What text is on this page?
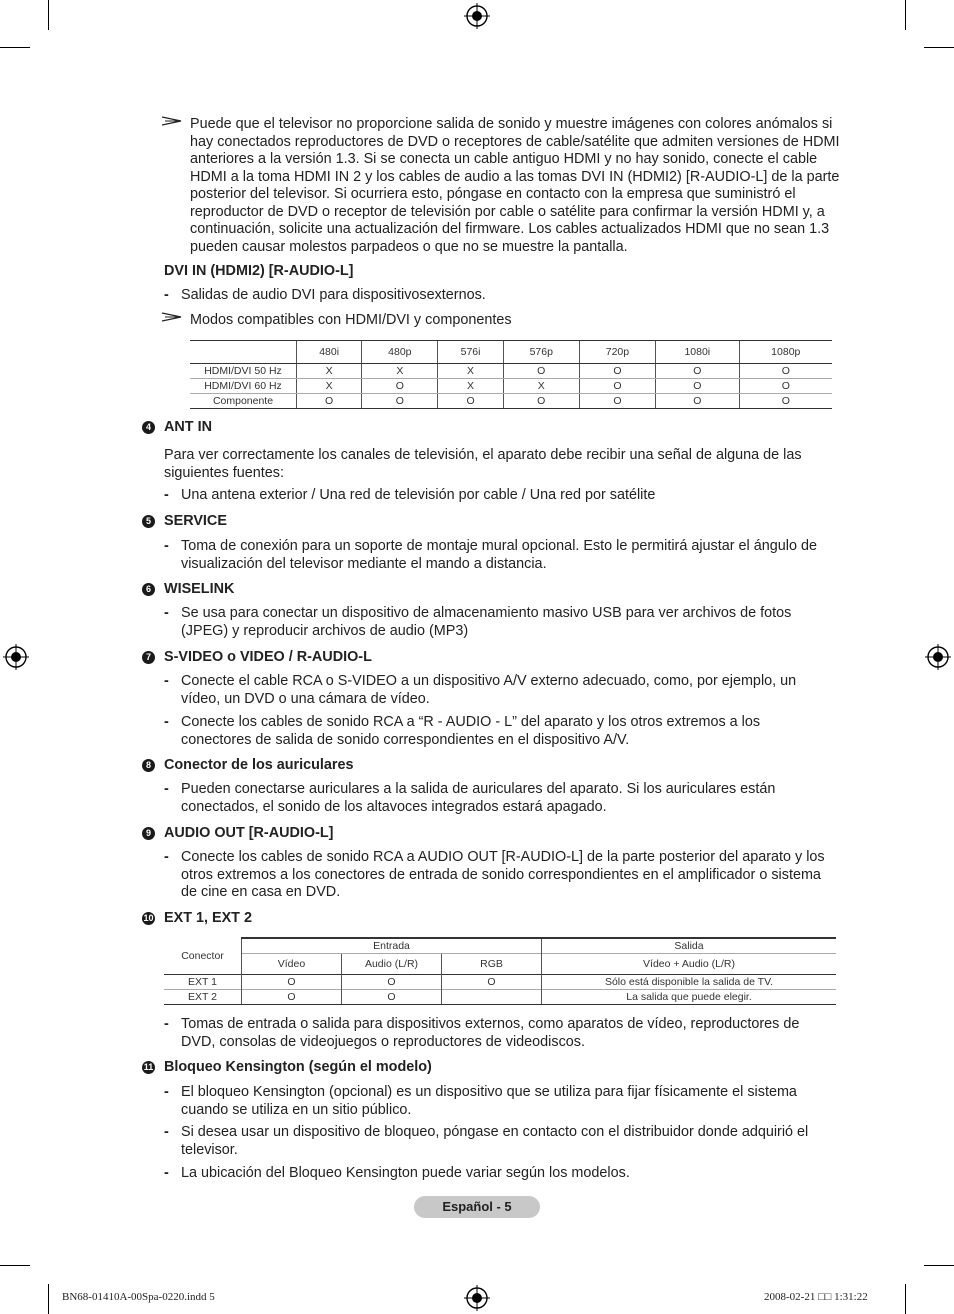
Puede que el televisor no proporcione salida de sonido y muestre imágenes con colores anómalos si hay conectados reproductores de DVD o receptores de cable/satélite que admiten versiones de HDMI anteriores a la versión 1.3. Si se conecta un cable antiguo HDMI y no hay sonido, conecte el cable HDMI a la toma HDMI IN 2 y los cables de audio a las tomas DVI IN (HDMI2) [R-AUDIO-L] de la parte posterior del televisor. Si ocurriera esto, póngase en contacto con la empresa que suministró el reproductor de DVD o receptor de televisión por cable o satélite para confirmar la versión HDMI y, a continuación, solicite una actualización del firmware. Los cables actualizados HDMI que no sean 1.3 pueden causar molestos parpadeos o que no se muestre la pantalla.
DVI IN (HDMI2) [R-AUDIO-L]
- Salidas de audio DVI para dispositivosexternos.
Modos compatibles con HDMI/DVI y componentes
	480i	480p	576i	576p	720p	1080i	1080p
HDMI/DVI 50 Hz	X	X	X	O	O	O	O
HDMI/DVI 60 Hz	X	O	X	X	O	O	O
Componente	O	O	O	O	O	O	O
4 ANT IN
Para ver correctamente los canales de televisión, el aparato debe recibir una señal de alguna de las siguientes fuentes:
- Una antena exterior / Una red de televisión por cable / Una red por satélite
5 SERVICE
- Toma de conexión para un soporte de montaje mural opcional. Esto le permitirá ajustar el ángulo de visualización del televisor mediante el mando a distancia.
6 WISELINK
- Se usa para conectar un dispositivo de almacenamiento masivo USB para ver archivos de fotos (JPEG) y reproducir archivos de audio (MP3)
7 S-VIDEO o VIDEO / R-AUDIO-L
- Conecte el cable RCA o S-VIDEO a un dispositivo A/V externo adecuado, como, por ejemplo, un vídeo, un DVD o una cámara de vídeo.
- Conecte los cables de sonido RCA a “R - AUDIO - L” del aparato y los otros extremos a los conectores de salida de sonido correspondientes en el dispositivo A/V.
8 Conector de los auriculares
- Pueden conectarse auriculares a la salida de auriculares del aparato. Si los auriculares están conectados, el sonido de los altavoces integrados estará apagado.
9 AUDIO OUT [R-AUDIO-L]
- Conecte los cables de sonido RCA a AUDIO OUT [R-AUDIO-L] de la parte posterior del aparato y los otros extremos a los conectores de entrada de sonido correspondientes en el amplificador o sistema de cine en casa en DVD.
10 EXT 1, EXT 2
Conector	Entrada			Salida
	Vídeo	Audio (L/R)	RGB	Vídeo + Audio (L/R)
EXT 1	O	O	O	Sólo está disponible la salida de TV.
EXT 2	O	O		La salida que puede elegir.
- Tomas de entrada o salida para dispositivos externos, como aparatos de vídeo, reproductores de DVD, consolas de videojuegos o reproductores de videodiscos.
11 Bloqueo Kensington (según el modelo)
- El bloqueo Kensington (opcional) es un dispositivo que se utiliza para fijar físicamente el sistema cuando se utiliza en un sitio público.
- Si desea usar un dispositivo de bloqueo, póngase en contacto con el distribuidor donde adquirió el televisor.
- La ubicación del Bloqueo Kensington puede variar según los modelos.
Español - 5
BN68-01410A-00Spa-0220.indd 5	2008-02-21 □□ 1:31:22
